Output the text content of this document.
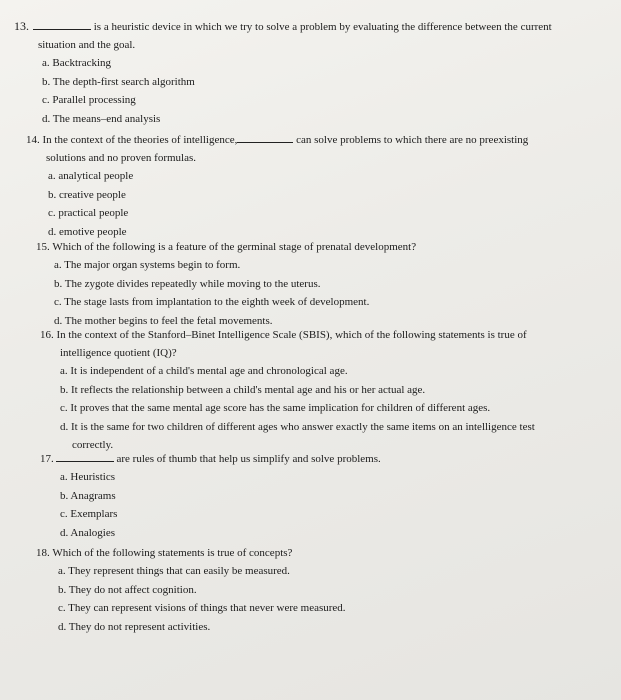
13.	is a heuristic device in which we try to solve a problem by evaluating the difference between the current
situation and the goal.
a. Backtracking
b. The depth-first search algorithm
c. Parallel processing
d. The means–end analysis
14. In the context of the theories of intelligence,	can solve problems to which there are no preexisting
solutions and no proven formulas.
a. analytical people
b. creative people
c. practical people
d. emotive people
15. Which of the following is a feature of the germinal stage of prenatal development?
a. The major organ systems begin to form.
b. The zygote divides repeatedly while moving to the uterus.
c. The stage lasts from implantation to the eighth week of development.
d. The mother begins to feel the fetal movements.
16. In the context of the Stanford–Binet Intelligence Scale (SBIS), which of the following statements is true of
intelligence quotient (IQ)?
a. It is independent of a child's mental age and chronological age.
b. It reflects the relationship between a child's mental age and his or her actual age.
c. It proves that the same mental age score has the same implication for children of different ages.
d. It is the same for two children of different ages who answer exactly the same items on an intelligence test
correctly.
17.	are rules of thumb that help us simplify and solve problems.
a. Heuristics
b. Anagrams
c. Exemplars
d. Analogies
18. Which of the following statements is true of concepts?
a. They represent things that can easily be measured.
b. They do not affect cognition.
c. They can represent visions of things that never were measured.
d. They do not represent activities.
